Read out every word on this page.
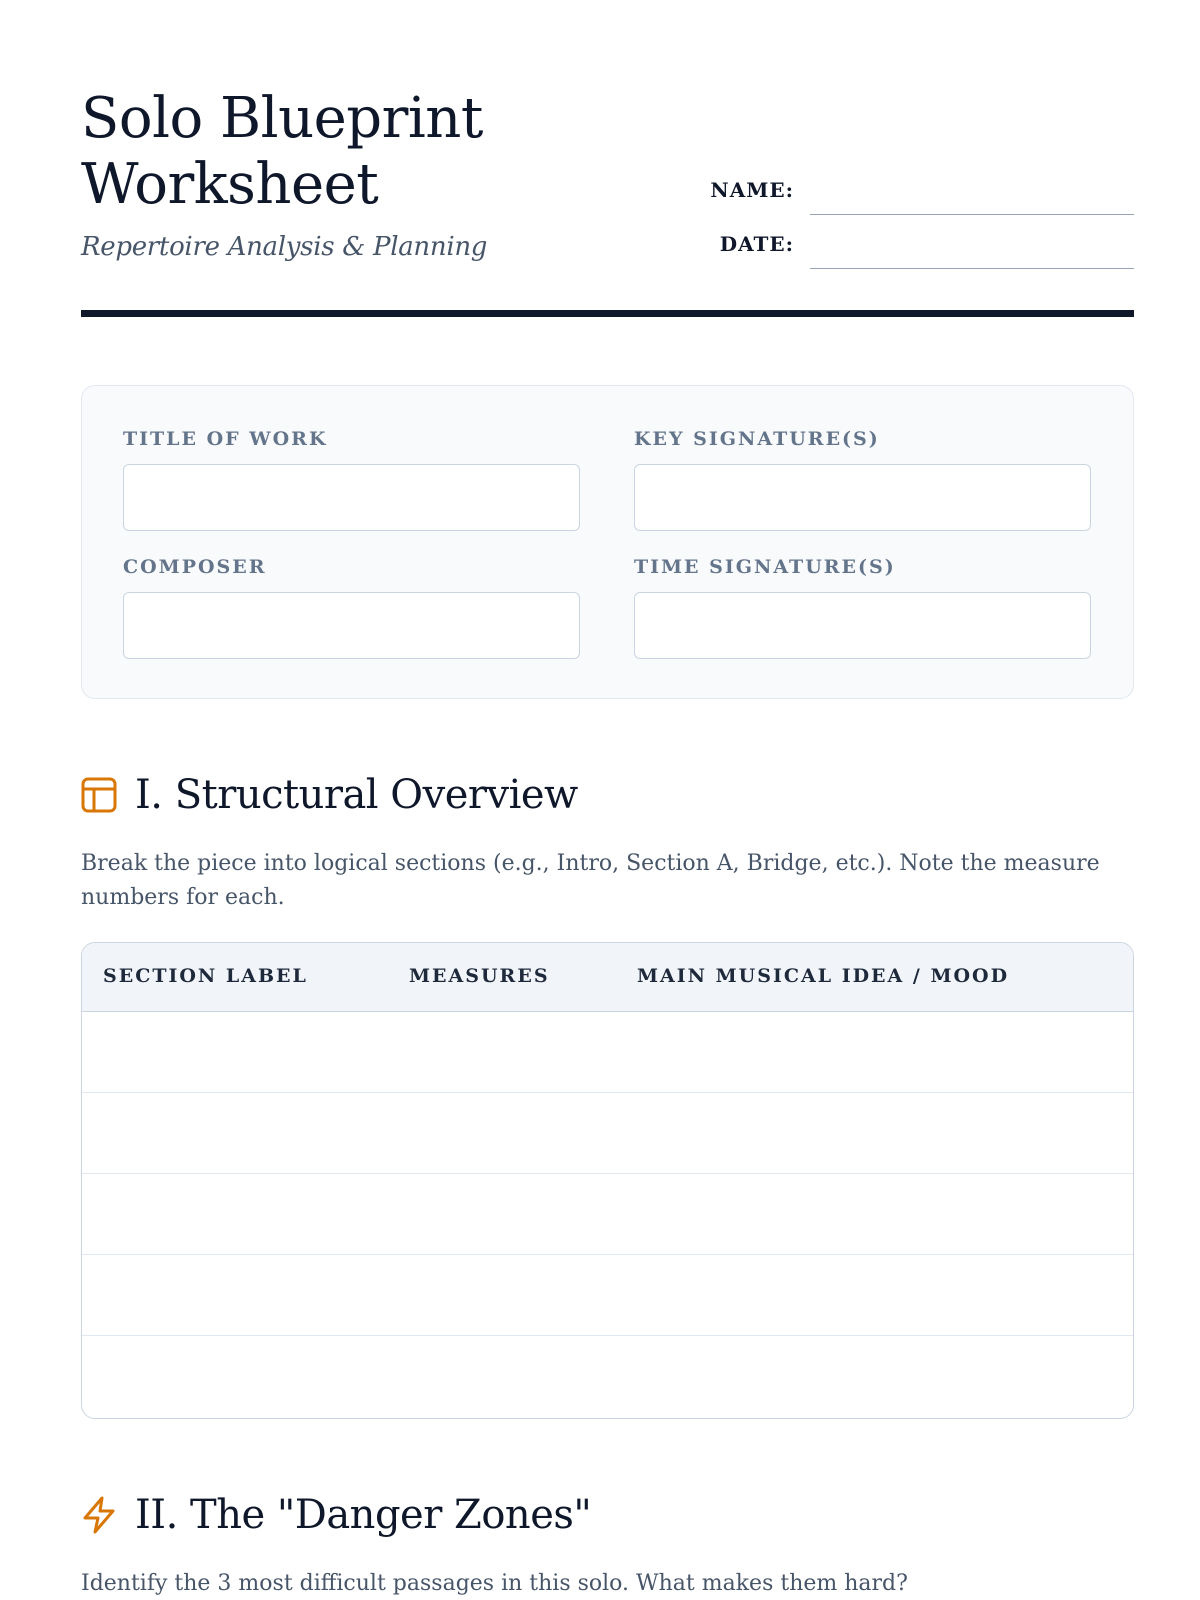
Solo Blueprint
Worksheet
Repertoire Analysis & Planning
NAME:
DATE:
TITLE OF WORK	KEY SIGNATURE(S)
COMPOSER	TIME SIGNATURE(S)
I. Structural Overview

Break the piece into logical sections (e.g., Intro, Section A, Bridge, etc.). Note the measure numbers for each.

SECTION LABEL	MEASURES	MAIN MUSICAL IDEA / MOOD
II. The "Danger Zones"

Identify the 3 most difficult passages in this solo. What makes them hard?
